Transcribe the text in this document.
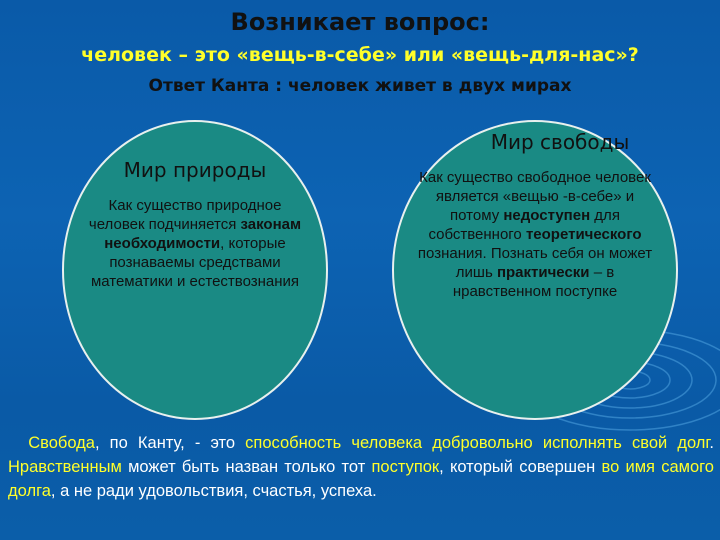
Возникает вопрос:
человек – это «вещь-в-себе» или «вещь-для-нас»?
Ответ Канта : человек живет в двух мирах
Мир природы
Как существо природное человек подчиняется законам необходимости, которые познаваемы средствами математики и естествознания
Мир свободы
Как существо свободное человек является «вещью -в-себе» и потому недоступен для собственного теоретического познания. Познать себя он может лишь практически – в нравственном поступке
Свобода, по Канту, - это способность человека добровольно исполнять свой долг. Нравственным может быть назван только тот поступок, который совершен во имя самого долга, а не ради удовольствия, счастья, успеха.
